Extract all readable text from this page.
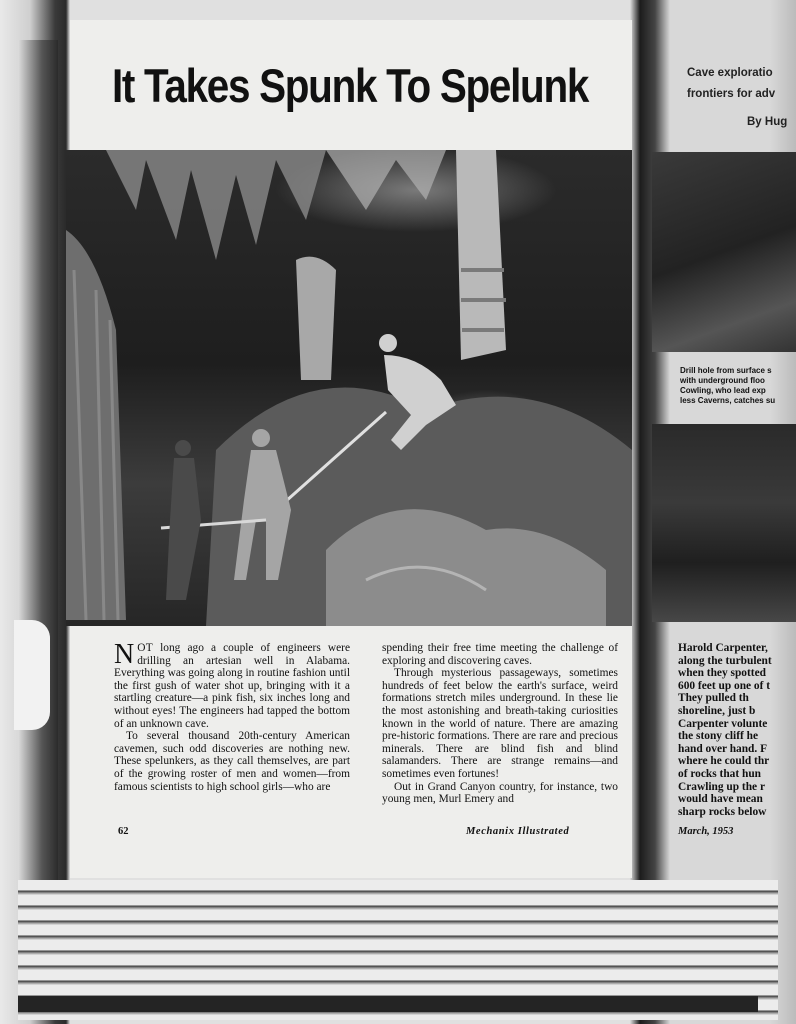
It Takes Spunk To Spelunk

NOT long ago a couple of engineers were drilling an artesian well in Alabama. Everything was going along in routine fashion until the first gush of water shot up, bringing with it a startling creature—a pink fish, six inches long and without eyes! The engineers had tapped the bottom of an unknown cave.

To several thousand 20th-century American cavemen, such odd discoveries are nothing new. These spelunkers, as they call themselves, are part of the growing roster of men and women—from famous scientists to high school girls—who are

spending their free time meeting the challenge of exploring and discovering caves.

Through mysterious passageways, sometimes hundreds of feet below the earth's surface, weird formations stretch miles underground. In these lie the most astonishing and breath-taking curiosities known in the world of nature. There are amazing pre-historic formations. There are rare and precious minerals. There are blind fish and blind salamanders. There are strange remains—and sometimes even fortunes!

Out in Grand Canyon country, for instance, two young men, Murl Emery and

62	Mechanix Illustrated
Cave exploratio
frontiers for adv
By Hug
Drill hole from surface s
with underground floo
Cowling, who lead exp
less Caverns, catches su
Harold Carpenter,
along the turbulent
when they spotted
600 feet up one of t
They pulled th
shoreline, just b
Carpenter volunte
the stony cliff he
hand over hand. F
where he could thr
of rocks that hun
Crawling up the r
would have mean
sharp rocks below
March, 1953
